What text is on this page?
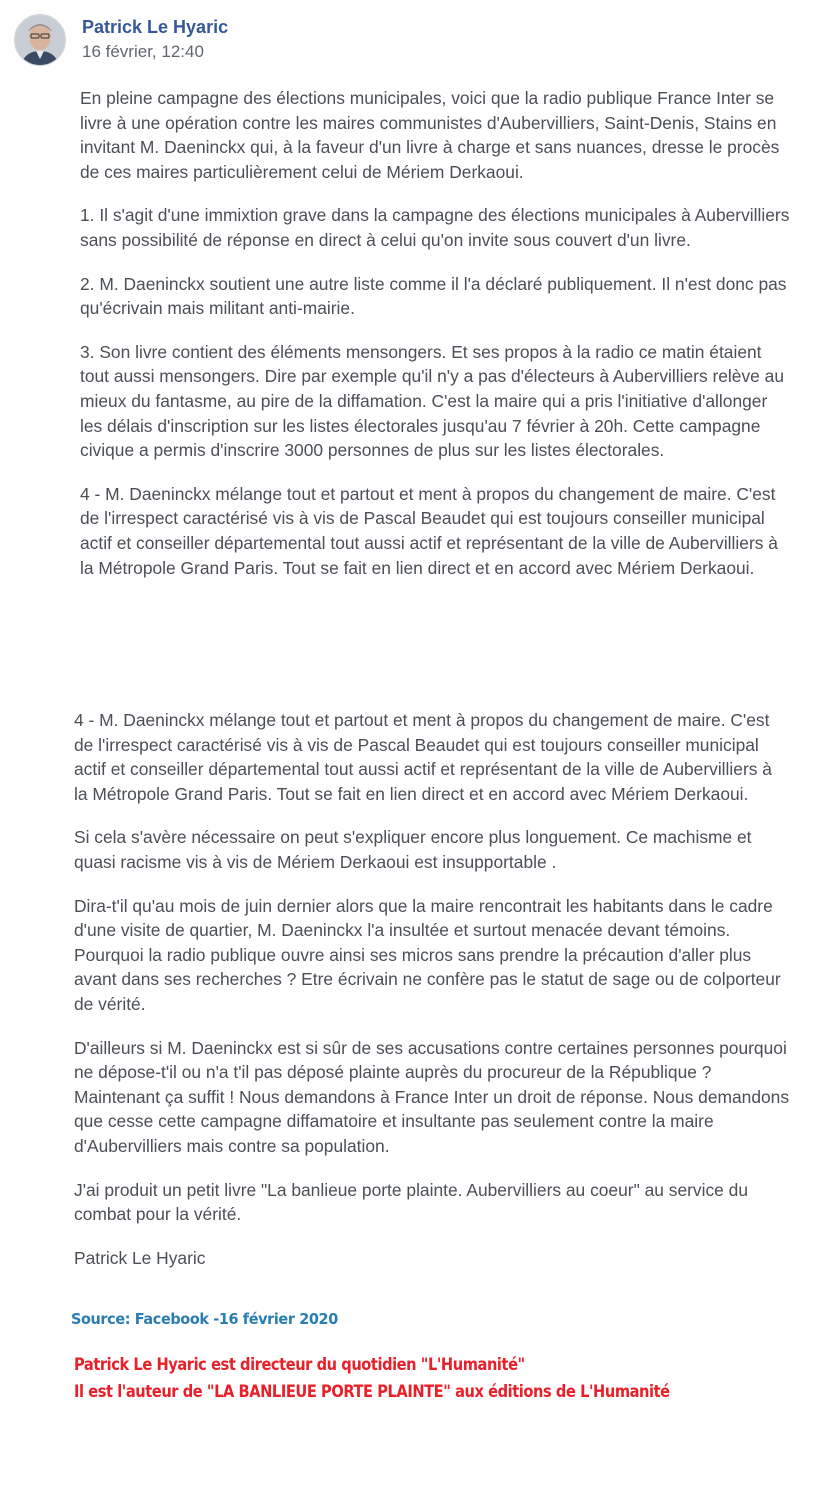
Patrick Le Hyaric
16 février, 12:40

En pleine campagne des élections municipales, voici que la radio publique France Inter se livre à une opération contre les maires communistes d'Aubervilliers, Saint-Denis, Stains en invitant M. Daeninckx qui, à la faveur d'un livre à charge et sans nuances, dresse le procès de ces maires particulièrement celui de Mériem Derkaoui.

1. Il s'agit d'une immixtion grave dans la campagne des élections municipales à Aubervilliers sans possibilité de réponse en direct à celui qu'on invite sous couvert d'un livre.

2. M. Daeninckx soutient une autre liste comme il l'a déclaré publiquement. Il n'est donc pas qu'écrivain mais militant anti-mairie.

3. Son livre contient des éléments mensongers. Et ses propos à la radio ce matin étaient tout aussi mensongers. Dire par exemple qu'il n'y a pas d'électeurs à Aubervilliers relève au mieux du fantasme, au pire de la diffamation. C'est la maire qui a pris l'initiative d'allonger les délais d'inscription sur les listes électorales jusqu'au 7 février à 20h. Cette campagne civique a permis d'inscrire 3000 personnes de plus sur les listes électorales.

4 - M. Daeninckx mélange tout et partout et ment à propos du changement de maire. C'est de l'irrespect caractérisé vis à vis de Pascal Beaudet qui est toujours conseiller municipal actif et conseiller départemental tout aussi actif et représentant de la ville de Aubervilliers à la Métropole Grand Paris. Tout se fait en lien direct et en accord avec Mériem Derkaoui.

4 - M. Daeninckx mélange tout et partout et ment à propos du changement de maire. C'est de l'irrespect caractérisé vis à vis de Pascal Beaudet qui est toujours conseiller municipal actif et conseiller départemental tout aussi actif et représentant de la ville de Aubervilliers à la Métropole Grand Paris. Tout se fait en lien direct et en accord avec Mériem Derkaoui.

Si cela s'avère nécessaire on peut s'expliquer encore plus longuement. Ce machisme et quasi racisme vis à vis de Mériem Derkaoui est insupportable .

Dira-t'il qu'au mois de juin dernier alors que la maire rencontrait les habitants dans le cadre d'une visite de quartier, M. Daeninckx l'a insultée et surtout menacée devant témoins. Pourquoi la radio publique ouvre ainsi ses micros sans prendre la précaution d'aller plus avant dans ses recherches ? Etre écrivain ne confère pas le statut de sage ou de colporteur de vérité.

D'ailleurs si M. Daeninckx est si sûr de ses accusations contre certaines personnes pourquoi ne dépose-t'il ou n'a t'il pas déposé plainte auprès du procureur de la République ? Maintenant ça suffit ! Nous demandons à France Inter un droit de réponse. Nous demandons que cesse cette campagne diffamatoire et insultante pas seulement contre la maire d'Aubervilliers mais contre sa population.

J'ai produit un petit livre "La banlieue porte plainte. Aubervilliers au coeur" au service du combat pour la vérité.

Patrick Le Hyaric

Source: Facebook -16 février 2020
Patrick Le Hyaric est directeur du quotidien "L'Humanité"
Il est l'auteur de "LA BANLIEUE PORTE PLAINTE" aux éditions de L'Humanité
